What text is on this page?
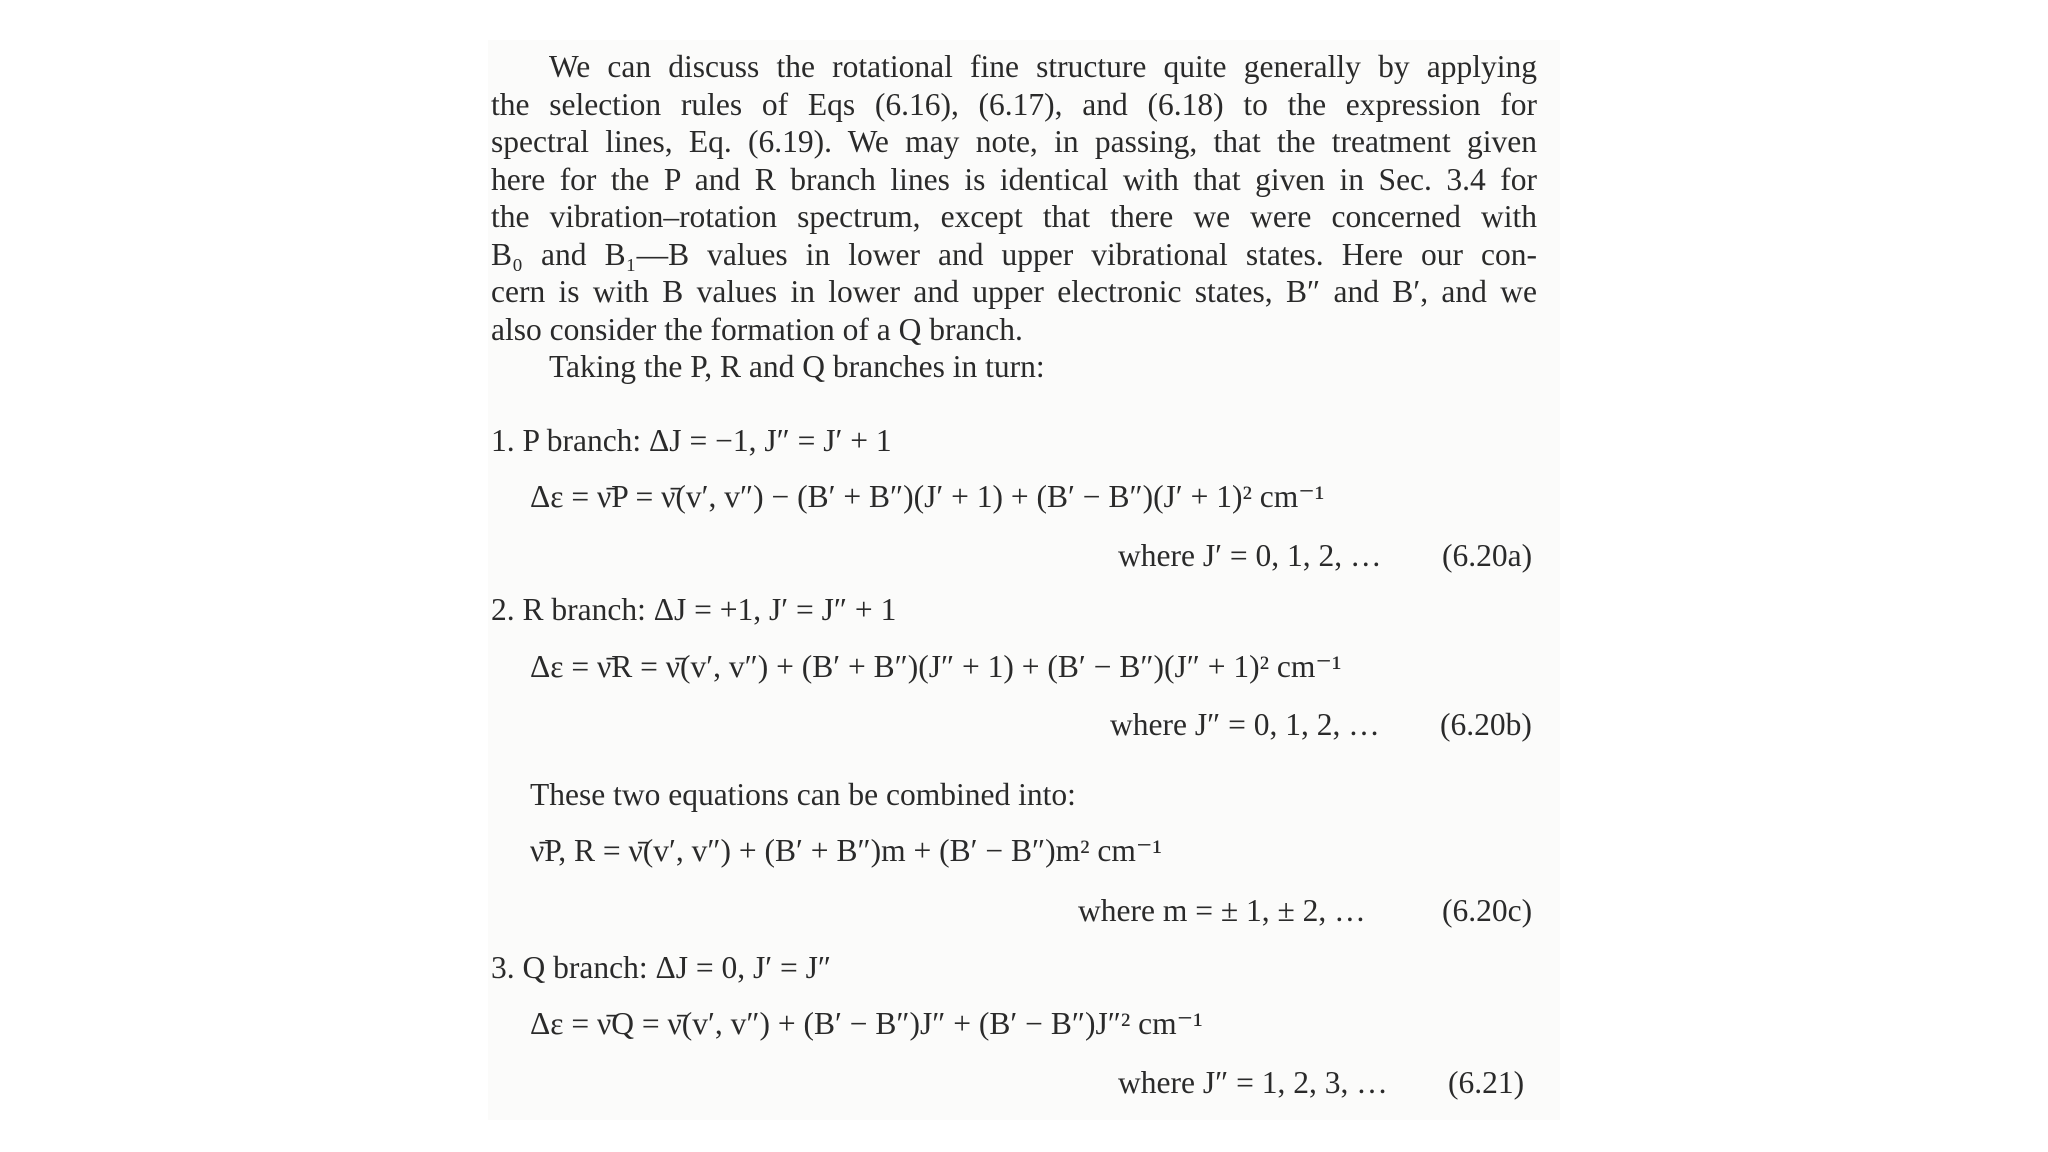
We can discuss the rotational fine structure quite generally by applying
the selection rules of Eqs (6.16), (6.17), and (6.18) to the expression for
spectral lines, Eq. (6.19). We may note, in passing, that the treatment given
here for the P and R branch lines is identical with that given in Sec. 3.4 for
the vibration–rotation spectrum, except that there we were concerned with
B₀ and B₁—B values in lower and upper vibrational states. Here our con-
cern is with B values in lower and upper electronic states, B″ and B′, and we
also consider the formation of a Q branch.
Taking the P, R and Q branches in turn:
1. P branch: ΔJ = −1, J″ = J′ + 1
Δε = ν̄P = ν̄(v′, v″) − (B′ + B″)(J′ + 1) + (B′ − B″)(J′ + 1)² cm⁻¹
where J′ = 0, 1, 2, … (6.20a)
2. R branch: ΔJ = +1, J′ = J″ + 1
Δε = ν̄R = ν̄(v′, v″) + (B′ + B″)(J″ + 1) + (B′ − B″)(J″ + 1)² cm⁻¹
where J″ = 0, 1, 2, … (6.20b)
These two equations can be combined into:
ν̄P, R = ν̄(v′, v″) + (B′ + B″)m + (B′ − B″)m² cm⁻¹
where m = ± 1, ± 2, … (6.20c)
3. Q branch: ΔJ = 0, J′ = J″
Δε = ν̄Q = ν̄(v′, v″) + (B′ − B″)J″ + (B′ − B″)J″² cm⁻¹
where J″ = 1, 2, 3, … (6.21)
